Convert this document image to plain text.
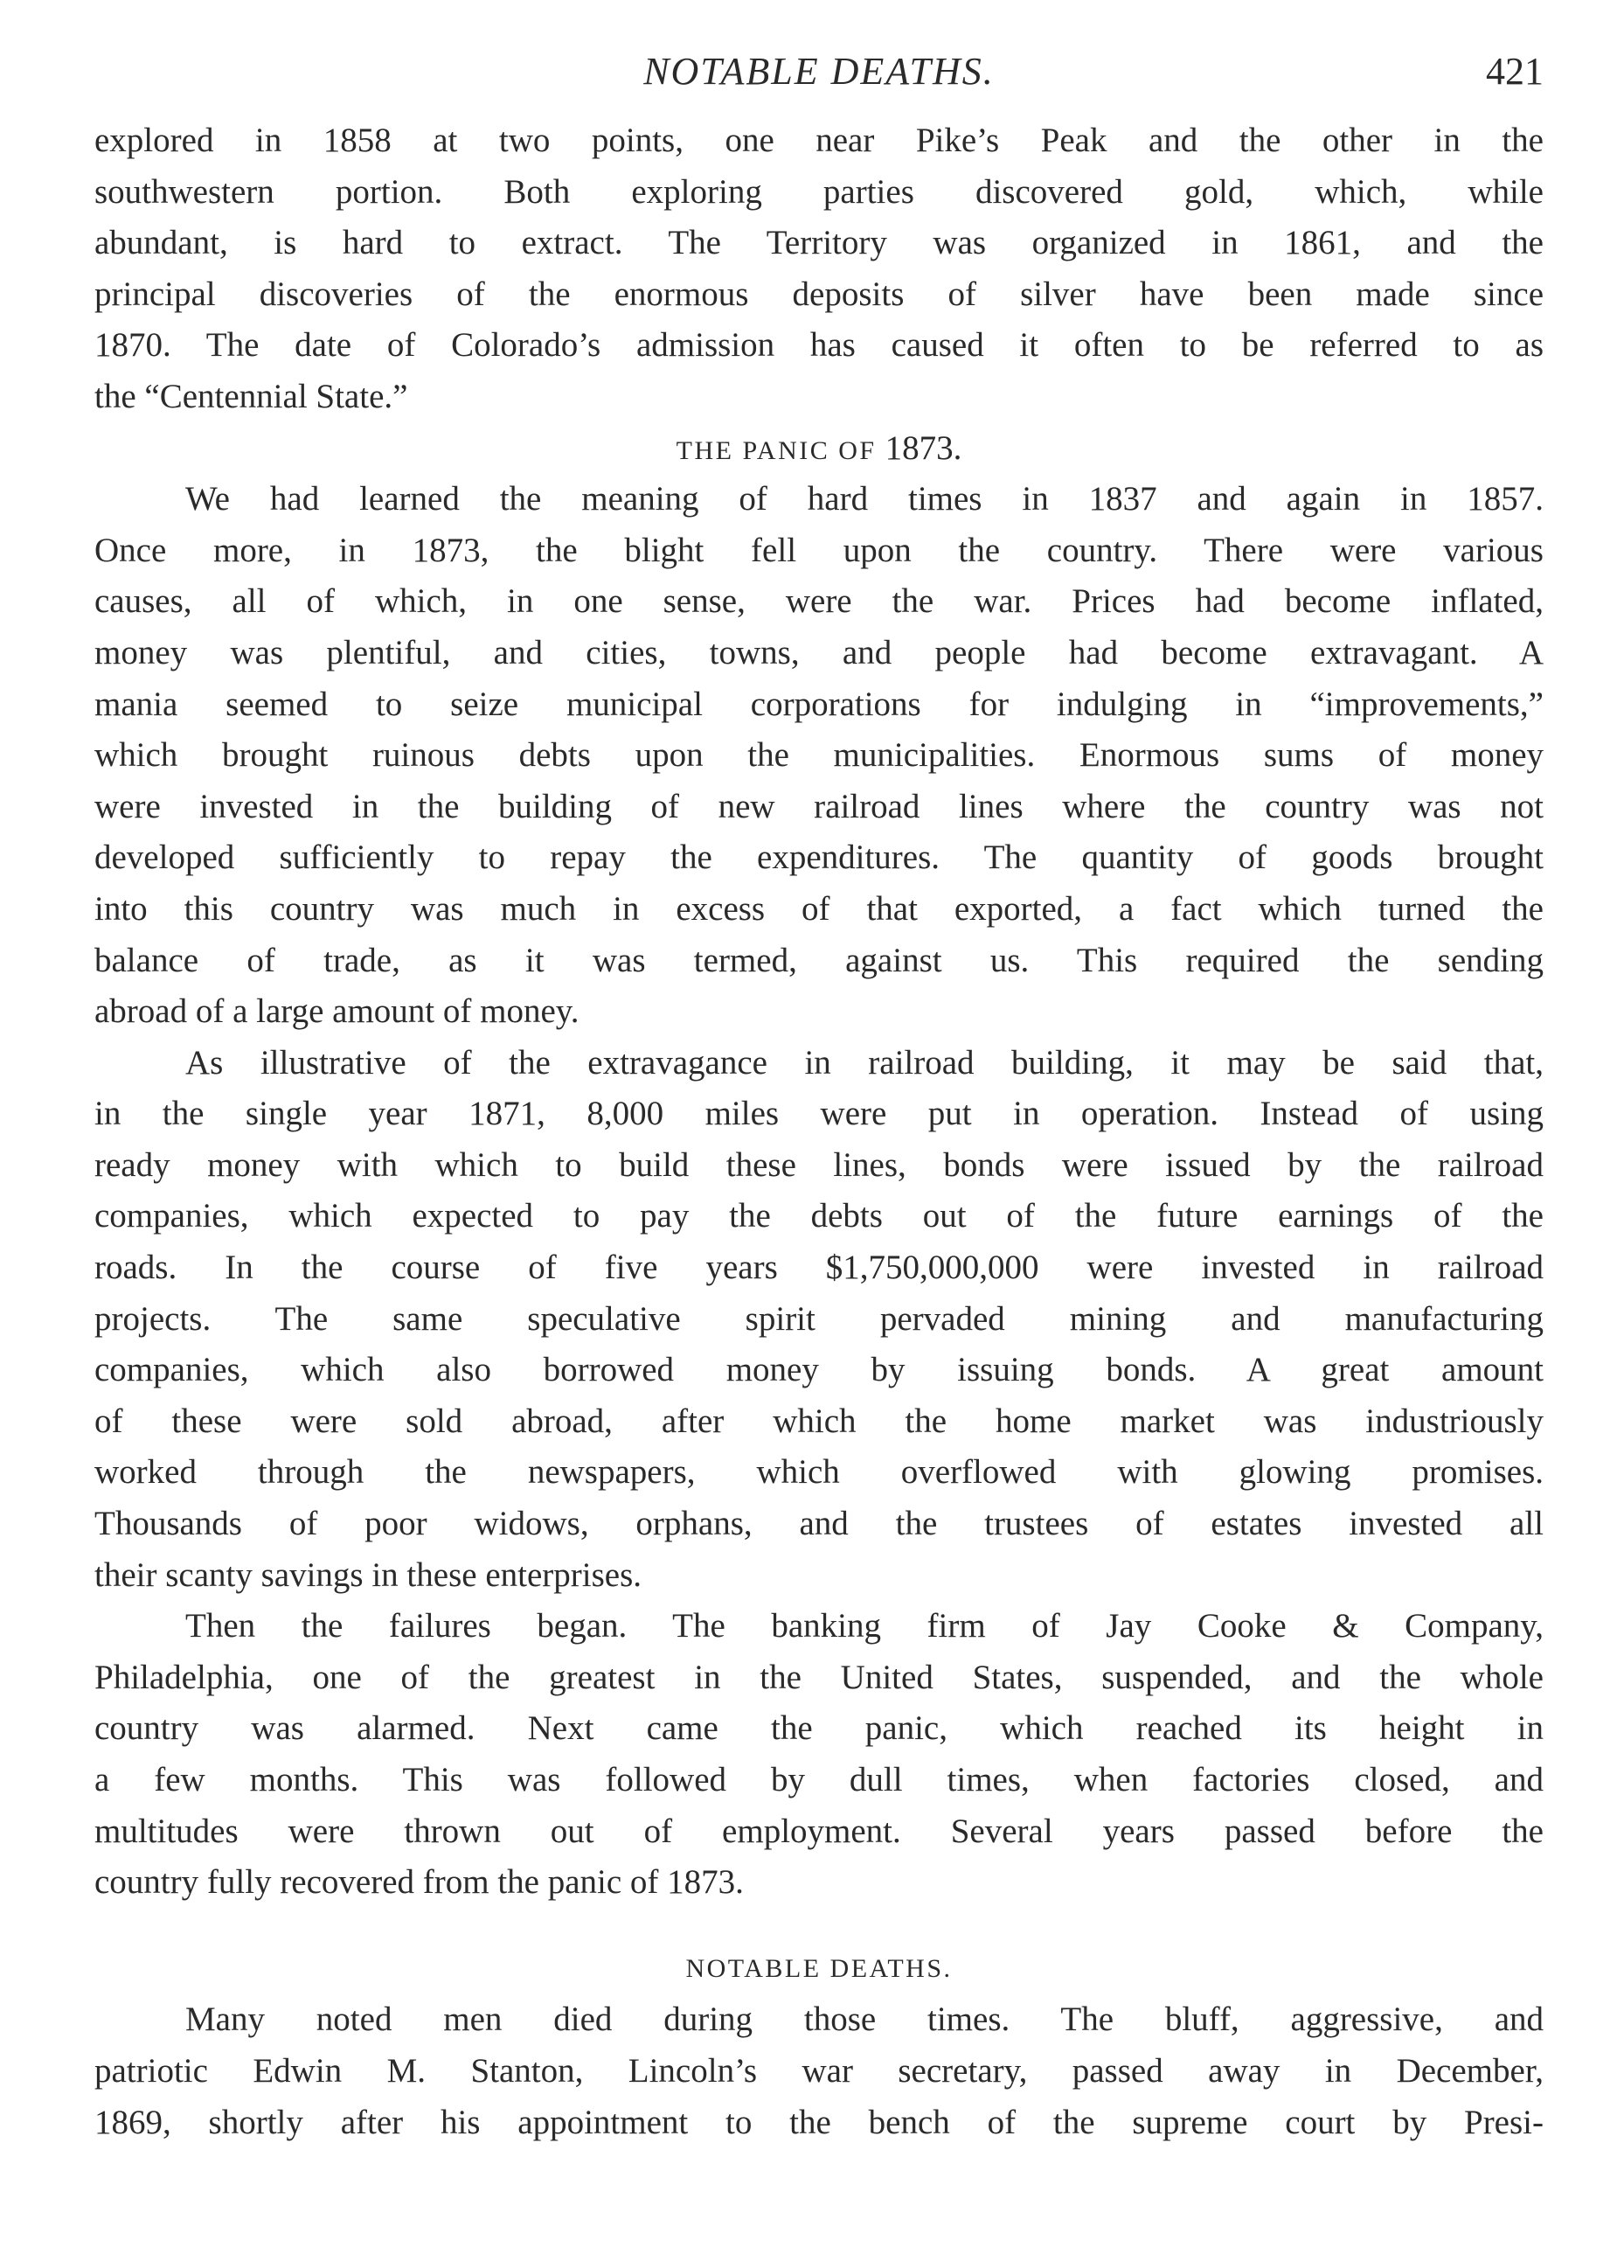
NOTABLE DEATHS.	421
explored in 1858 at two points, one near Pike’s Peak and the other in the
southwestern portion. Both exploring parties discovered gold, which, while
abundant, is hard to extract. The Territory was organized in 1861, and the
principal discoveries of the enormous deposits of silver have been made since
1870. The date of Colorado’s admission has caused it often to be referred to as
the “Centennial State.”
THE PANIC OF 1873.
We had learned the meaning of hard times in 1837 and again in 1857.
Once more, in 1873, the blight fell upon the country. There were various
causes, all of which, in one sense, were the war. Prices had become inflated,
money was plentiful, and cities, towns, and people had become extravagant. A
mania seemed to seize municipal corporations for indulging in “improvements,”
which brought ruinous debts upon the municipalities. Enormous sums of money
were invested in the building of new railroad lines where the country was not
developed sufficiently to repay the expenditures. The quantity of goods brought
into this country was much in excess of that exported, a fact which turned the
balance of trade, as it was termed, against us. This required the sending
abroad of a large amount of money.
As illustrative of the extravagance in railroad building, it may be said that,
in the single year 1871, 8,000 miles were put in operation. Instead of using
ready money with which to build these lines, bonds were issued by the railroad
companies, which expected to pay the debts out of the future earnings of the
roads. In the course of five years $1,750,000,000 were invested in railroad
projects. The same speculative spirit pervaded mining and manufacturing
companies, which also borrowed money by issuing bonds. A great amount
of these were sold abroad, after which the home market was industriously
worked through the newspapers, which overflowed with glowing promises.
Thousands of poor widows, orphans, and the trustees of estates invested all
their scanty savings in these enterprises.
Then the failures began. The banking firm of Jay Cooke & Company,
Philadelphia, one of the greatest in the United States, suspended, and the whole
country was alarmed. Next came the panic, which reached its height in
a few months. This was followed by dull times, when factories closed, and
multitudes were thrown out of employment. Several years passed before the
country fully recovered from the panic of 1873.
NOTABLE DEATHS.
Many noted men died during those times. The bluff, aggressive, and
patriotic Edwin M. Stanton, Lincoln’s war secretary, passed away in December,
1869, shortly after his appointment to the bench of the supreme court by Presi-
